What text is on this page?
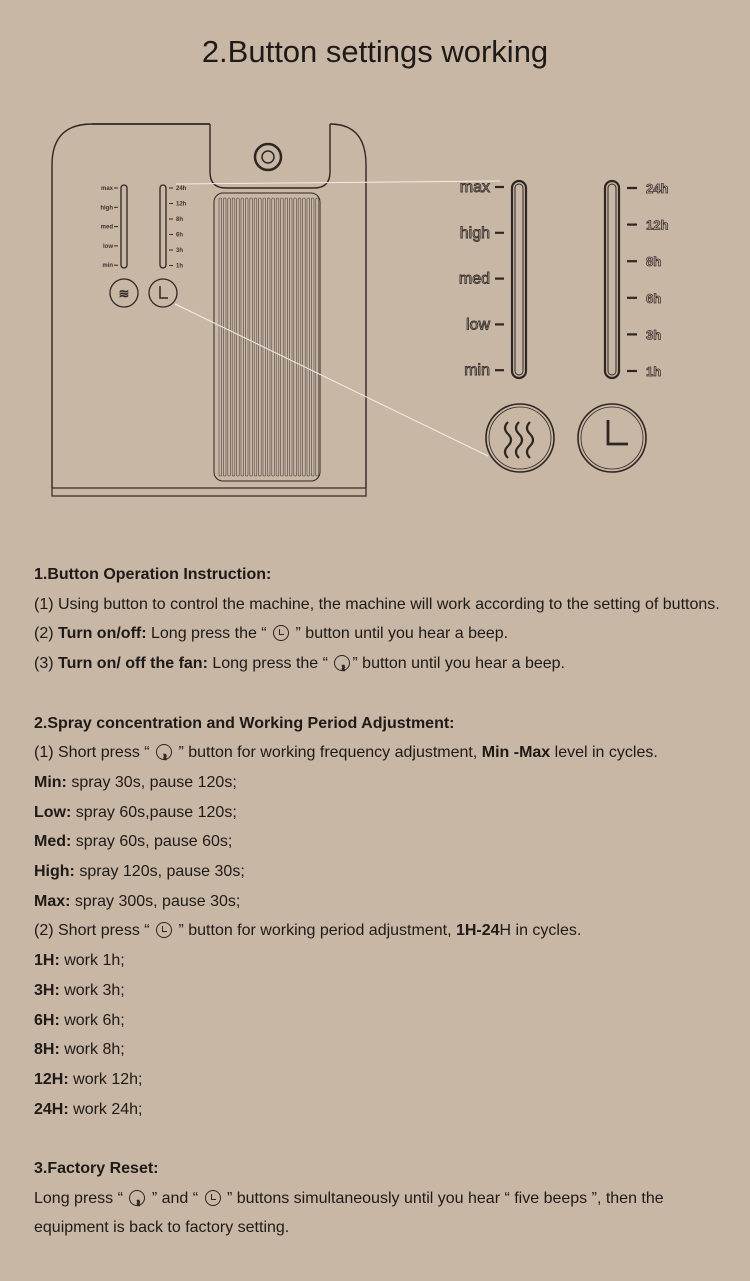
2.Button settings working
max
high
med
low
min
24h
12h
8h
6h
3h
1h
≋
max
high
med
low
min
24h
12h
8h
6h
3h
1h

1.Button Operation Instruction:

(1) Using button to control the machine, the machine will work according to the setting of buttons.

(2) Turn on/off: Long press the “  ” button until you hear a beep.

(3) Turn on/ off the fan: Long press the “ ⌇⌇⌇” button until you hear a beep.

2.Spray concentration and Working Period Adjustment:

(1) Short press “ ⌇⌇⌇ ” button for working frequency adjustment, Min -Max level in cycles.

Min: spray 30s, pause 120s;

Low: spray 60s,pause 120s;

Med: spray 60s, pause 60s;

High: spray 120s, pause 30s;

Max: spray 300s, pause 30s;

(2) Short press “  ” button for working period adjustment, 1H-24H in cycles.

1H: work 1h;

3H: work 3h;

6H: work 6h;

8H: work 8h;

12H: work 12h;

24H: work 24h;

3.Factory Reset:

Long press “ ⌇⌇⌇ ” and “  ” buttons simultaneously until you hear “ five beeps ”, then the equipment is back to factory setting.
